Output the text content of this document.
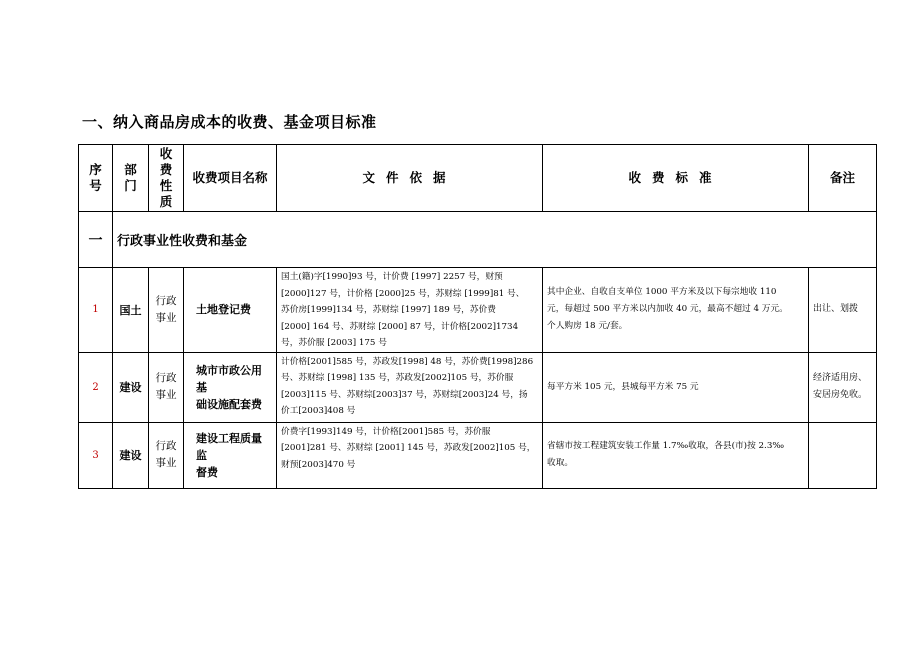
一、纳入商品房成本的收费、基金项目标准
序
号	部
门	收
费
性
质	收费项目名称	文件依据	收费标准	备注
一	行政事业性收费和基金					
1	国土	行政
事业	土地登记费	国土(籍)字[1990]93 号，计价费 [1997] 2257 号，财预
[2000]127 号，计价格 [2000]25 号，苏财综 [1999]81 号、
苏价房[1999]134 号，苏财综 [1997] 189 号，苏价费
[2000] 164 号、苏财综 [2000] 87 号，计价格[2002]1734
号，苏价服 [2003] 175 号	其中企业、自收自支单位 1000 平方米及以下每宗地收 110
元，每超过 500 平方米以内加收 40 元，最高不超过 4 万元。
个人购房 18 元/套。	出让、划拨

2	建设	行政
事业	城市市政公用基
础设施配套费	计价格[2001]585 号，苏政发[1998] 48 号，苏价费[1998]286
号、苏财综 [1998] 135 号，苏政发[2002]105 号，苏价服
[2003]115 号、苏财综[2003]37 号，苏财综[2003]24 号，扬
价工[2003]408 号	每平方米 105 元，县城每平方米 75 元	经济适用房、
安居房免收。

3	建设	行政
事业	建设工程质量监
督费	价费字[1993]149 号，计价格[2001]585 号，苏价服
[2001]281 号、苏财综 [2001] 145 号，苏政发[2002]105 号，
财预[2003]470 号	省辖市按工程建筑安装工作量 1.7‰收取，各县(市)按 2.3‰
收取。	
